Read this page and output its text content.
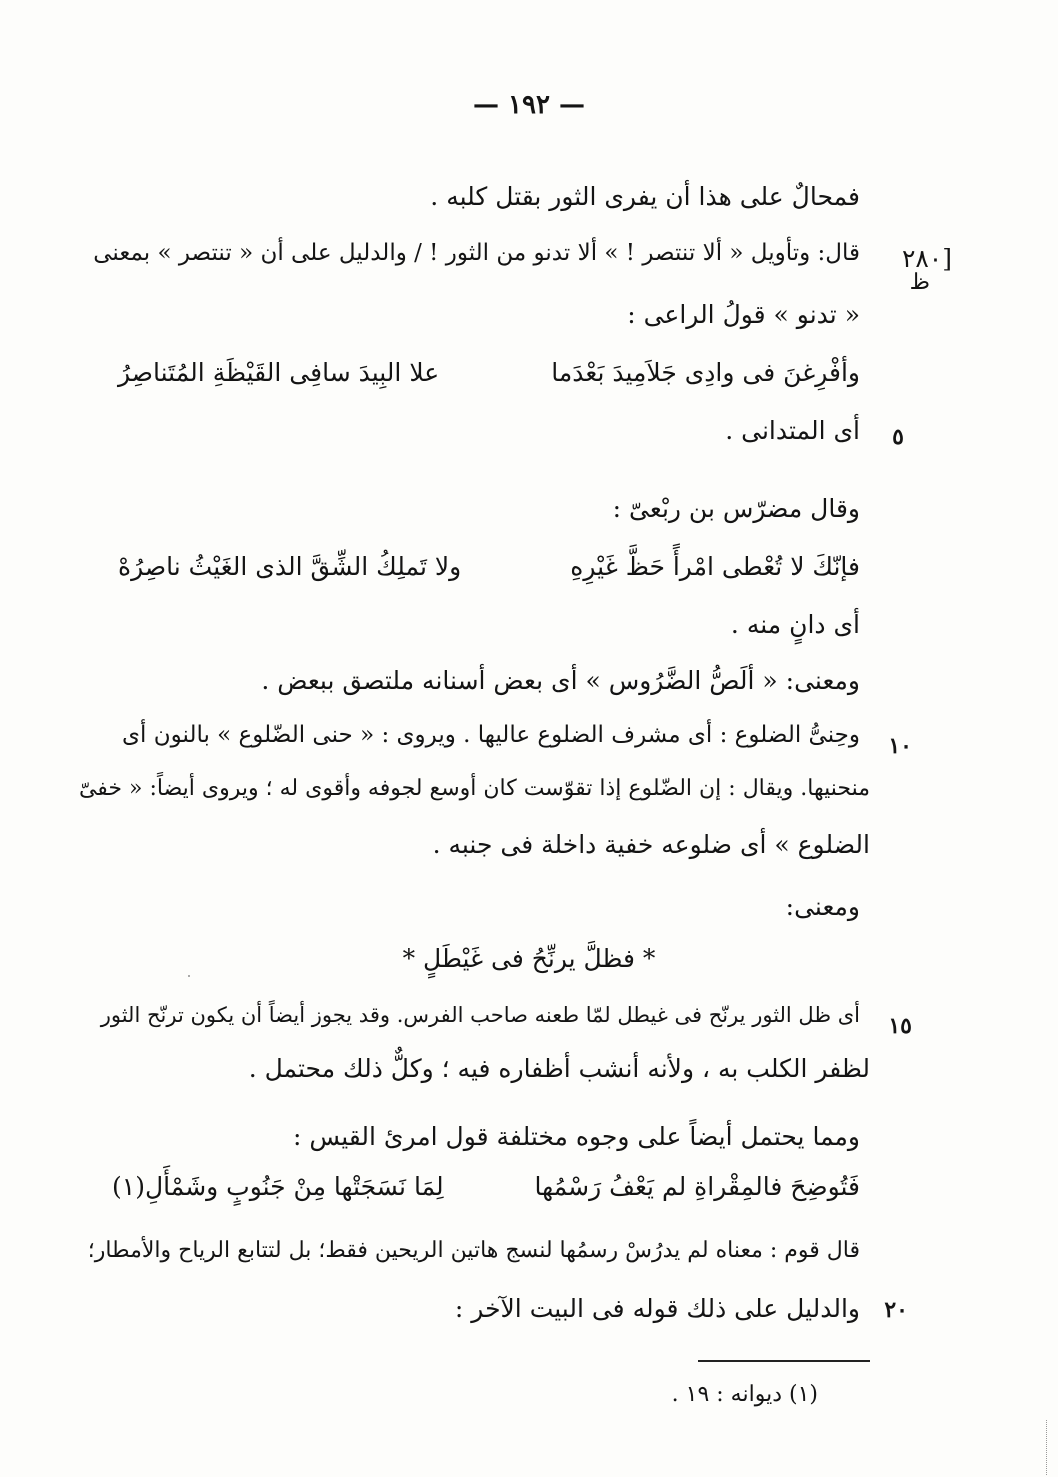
— ١٩٢ —
[٢٨٠
ظ
٥
١٠
١٥
٢٠
فمحالٌ على هذا أن يفرى الثور بقتل كلبه .
قال: وتأويل « ألا تنتصر ! » ألا تدنو من الثور ! / والدليل على أن « تنتصر » بمعنى
« تدنو » قولُ الراعى :
وأفْرِغنَ فى وادِى جَلاَمِيدَ بَعْدَما
علا البِيدَ سافِى القَيْظَةِ المُتَناصِرُ
أى المتدانى .
وقال مضرّس بن ربْعىّ :
فإنّكَ لا تُعْطى امْرأً حَظَّ غَيْرِهِ
ولا تَملِكُ الشِّقَّ الذى الغَيْثُ ناصِرُهْ
أى دانٍ منه .
ومعنى: « ألَصُّ الضَّرُوس » أى بعض أسنانه ملتصق ببعض .
وحِنىُّ الضلوع : أى مشرف الضلوع عاليها . ويروى : « حنى الضّلوع » بالنون أى
منحنيها. ويقال : إن الضّلوع إذا تقوّست كان أوسع لجوفه وأقوى له ؛ ويروى أيضاً: « خفىّ
الضلوع » أى ضلوعه خفية داخلة فى جنبه .
ومعنى:
* فظلَّ يرنِّحُ فى غَيْطَلٍ *
أى ظل الثور يرنّح فى غيطل لمّا طعنه صاحب الفرس. وقد يجوز أيضاً أن يكون ترنّح الثور
لظفر الكلب به ، ولأنه أنشب أظفاره فيه ؛ وكلٌّ ذلك محتمل .
ومما يحتمل أيضاً على وجوه مختلفة قول امرئ القيس :
فَتُوضِحَ فالمِقْراةِ لم يَعْفُ رَسْمُها
لِمَا نَسَجَتْها مِنْ جَنُوبٍ وشَمْأَلِ(١)
قال قوم : معناه لم يدرُسْ رسمُها لنسج هاتين الريحين فقط؛ بل لتتابع الرياح والأمطار؛
والدليل على ذلك قوله فى البيت الآخر :
(١) ديوانه : ١٩ .
